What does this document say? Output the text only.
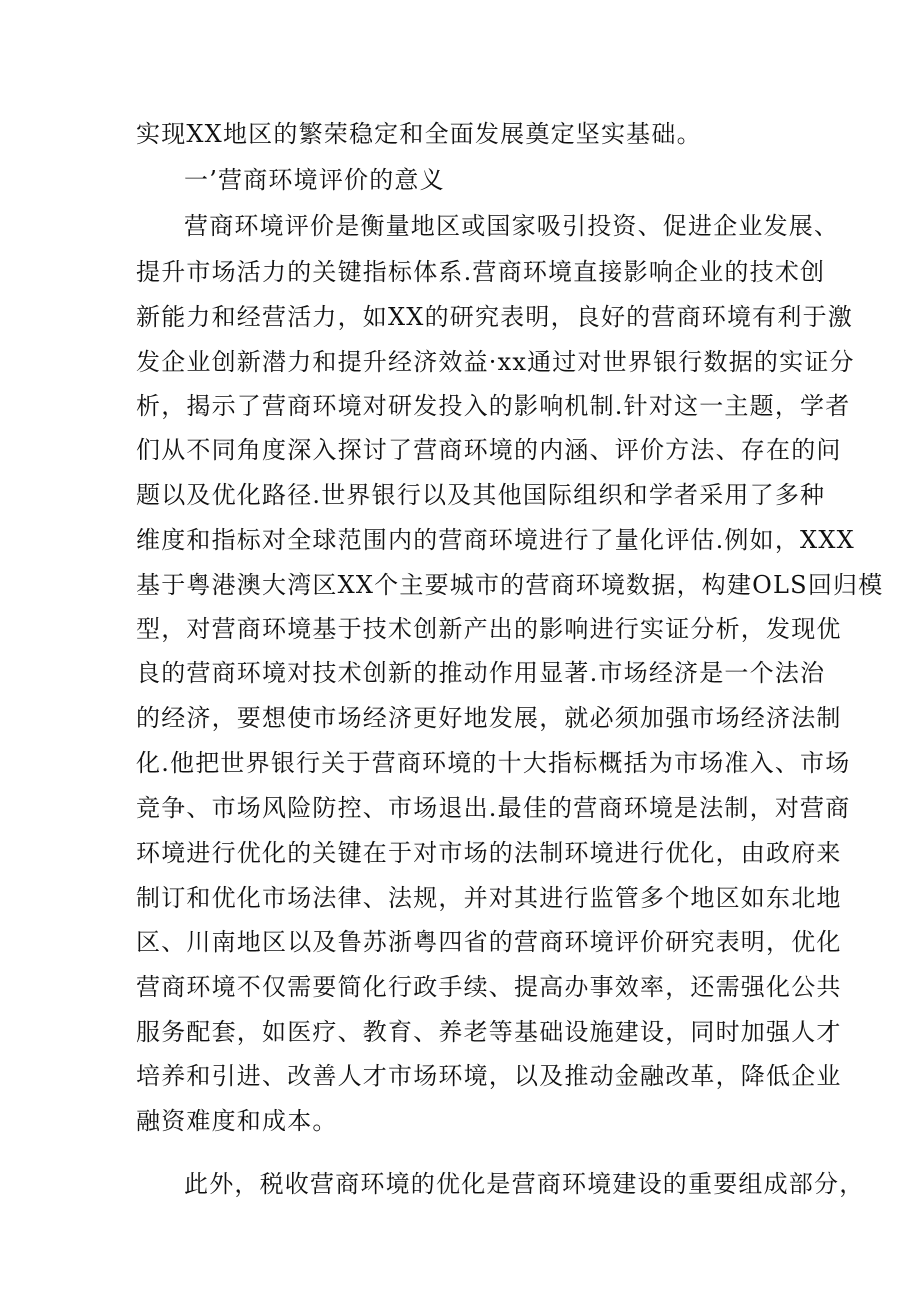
实现XX地区的繁荣稳定和全面发展奠定坚实基础。
一’营商环境评价的意义
营商环境评价是衡量地区或国家吸引投资、促进企业发展、
提升市场活力的关键指标体系.营商环境直接影响企业的技术创
新能力和经营活力，如XX的研究表明，良好的营商环境有利于激
发企业创新潜力和提升经济效益·xx通过对世界银行数据的实证分
析，揭示了营商环境对研发投入的影响机制.针对这一主题，学者
们从不同角度深入探讨了营商环境的内涵、评价方法、存在的问
题以及优化路径.世界银行以及其他国际组织和学者采用了多种
维度和指标对全球范围内的营商环境进行了量化评估.例如，XXX
基于粤港澳大湾区XX个主要城市的营商环境数据，构建OLS回归模
型，对营商环境基于技术创新产出的影响进行实证分析，发现优
良的营商环境对技术创新的推动作用显著.市场经济是一个法治
的经济，要想使市场经济更好地发展，就必须加强市场经济法制
化.他把世界银行关于营商环境的十大指标概括为市场准入、市场
竞争、市场风险防控、市场退出.最佳的营商环境是法制，对营商
环境进行优化的关键在于对市场的法制环境进行优化，由政府来
制订和优化市场法律、法规，并对其进行监管多个地区如东北地
区、川南地区以及鲁苏浙粤四省的营商环境评价研究表明，优化
营商环境不仅需要简化行政手续、提高办事效率，还需强化公共
服务配套，如医疗、教育、养老等基础设施建设，同时加强人才
培养和引进、改善人才市场环境，以及推动金融改革，降低企业
融资难度和成本。
此外，税收营商环境的优化是营商环境建设的重要组成部分，
